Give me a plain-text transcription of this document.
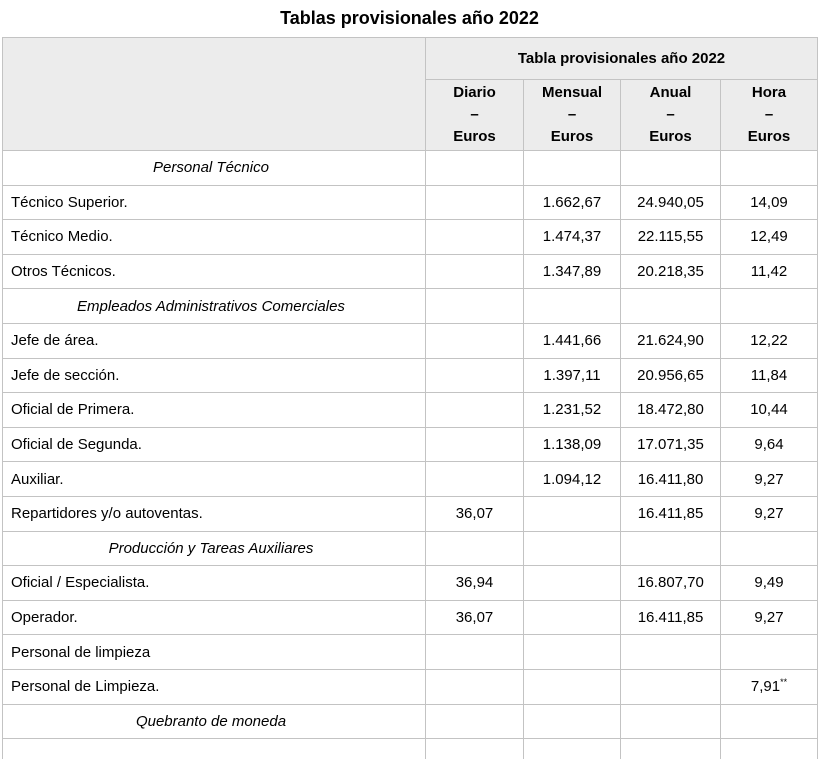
Tablas provisionales año 2022
	Tabla provisionales año 2022			

	Diario
–
Euros	Mensual
–
Euros	Anual
–
Euros	Hora
–
Euros

Personal Técnico				
Técnico Superior.		1.662,67	24.940,05	14,09
Técnico Medio.		1.474,37	22.115,55	12,49
Otros Técnicos.		1.347,89	20.218,35	11,42
Empleados Administrativos Comerciales				
Jefe de área.		1.441,66	21.624,90	12,22
Jefe de sección.		1.397,11	20.956,65	11,84
Oficial de Primera.		1.231,52	18.472,80	10,44
Oficial de Segunda.		1.138,09	17.071,35	9,64
Auxiliar.		1.094,12	16.411,80	9,27
Repartidores y/o autoventas.	36,07		16.411,85	9,27
Producción y Tareas Auxiliares				
Oficial / Especialista.	36,94		16.807,70	9,49
Operador.	36,07		16.411,85	9,27
Personal de limpieza				
Personal de Limpieza.				7,91**
Quebranto de moneda				
